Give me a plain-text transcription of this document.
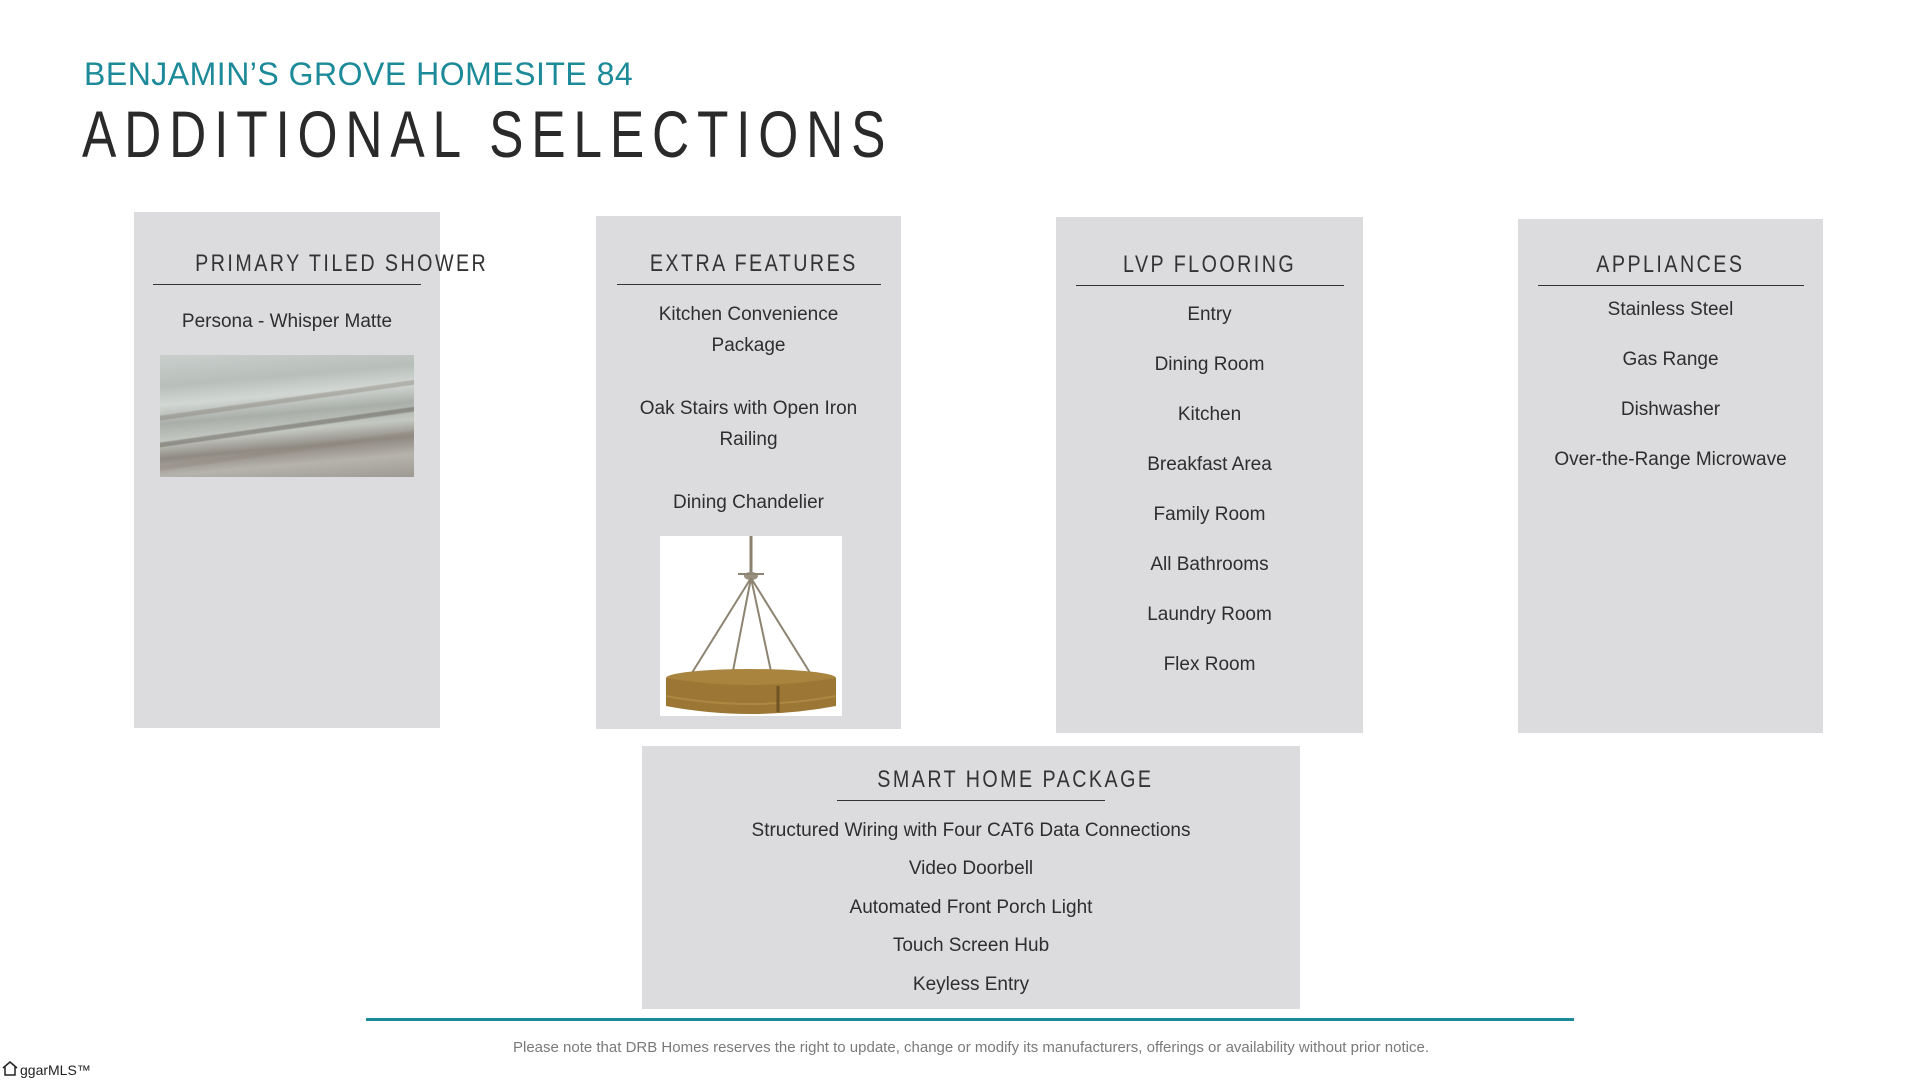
BENJAMIN’S GROVE HOMESITE 84
ADDITIONAL SELECTIONS
PRIMARY TILED SHOWER
Persona - Whisper Matte
EXTRA FEATURES
Kitchen Convenience
Package
Oak Stairs with Open Iron
Railing
Dining Chandelier
LVP FLOORING
Entry
Dining Room
Kitchen
Breakfast Area
Family Room
All Bathrooms
Laundry Room
Flex Room
APPLIANCES
Stainless Steel
Gas Range
Dishwasher
Over-the-Range Microwave
SMART HOME PACKAGE
Structured Wiring with Four CAT6 Data Connections
Video Doorbell
Automated Front Porch Light
Touch Screen Hub
Keyless Entry
Please note that DRB Homes reserves the right to update, change or modify its manufacturers, offerings or availability without prior notice.
ggarMLS™
